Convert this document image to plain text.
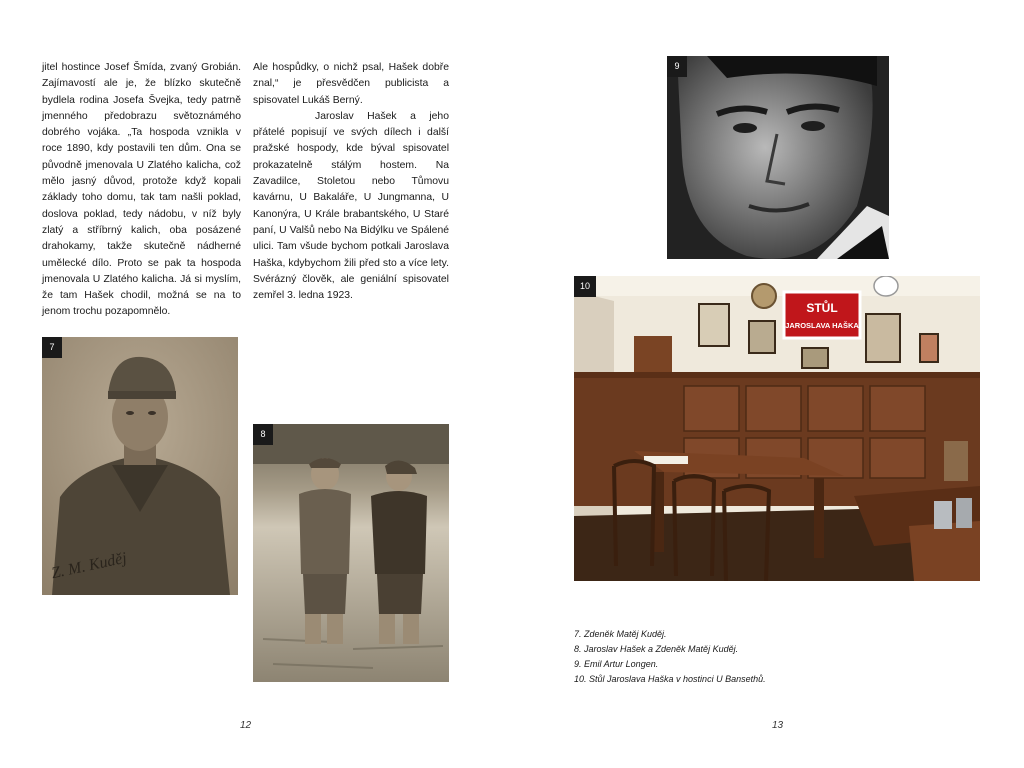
jitel hostince Josef Šmída, zvaný Grobián. Zajímavostí ale je, že blízko skutečně bydlela rodina Josefa Švejka, tedy patrně jmenného předobrazu světoznámého dobrého vojáka. „Ta hospoda vznikla v roce 1890, kdy postavili ten dům. Ona se původně jmenovala U Zlatého kalicha, což mělo jasný důvod, protože když kopali základy toho domu, tak tam našli poklad, doslova poklad, tedy nádobu, v níž byly zlatý a stříbrný kalich, oba posázené drahokamy, takže skutečně nádherné umělecké dílo. Proto se pak ta hospoda jmenovala U Zlatého kalicha. Já si myslím, že tam Hašek chodil, možná se na to jenom trochu pozapomnělo.

Ale hospůdky, o nichž psal, Hašek dobře znal,“ je přesvědčen publicista a spisovatel Lukáš Berný.

Jaroslav Hašek a jeho přátelé popisují ve svých dílech i další pražské hospody, kde býval spisovatel prokazatelně stálým hostem. Na Zavadilce, Stoletou nebo Tůmovu kavárnu, U Bakaláře, U Jungmanna, U Kanonýra, U Krále brabantského, U Staré paní, U Valšů nebo Na Bidýlku ve Spálené ulici. Tam všude bychom potkali Jaroslava Haška, kdybychom žili před sto a více lety. Svérázný člověk, ale geniální spisovatel zemřel 3. ledna 1923.

7
Z. M. Kuděj
8
12
9
10
STŮL
JAROSLAVA HAŠKA
7. Zdeněk Matěj Kuděj.
8. Jaroslav Hašek a Zdeněk Matěj Kuděj.
9. Emil Artur Longen.
10. Stůl Jaroslava Haška v hostinci U Bansethů.
13
